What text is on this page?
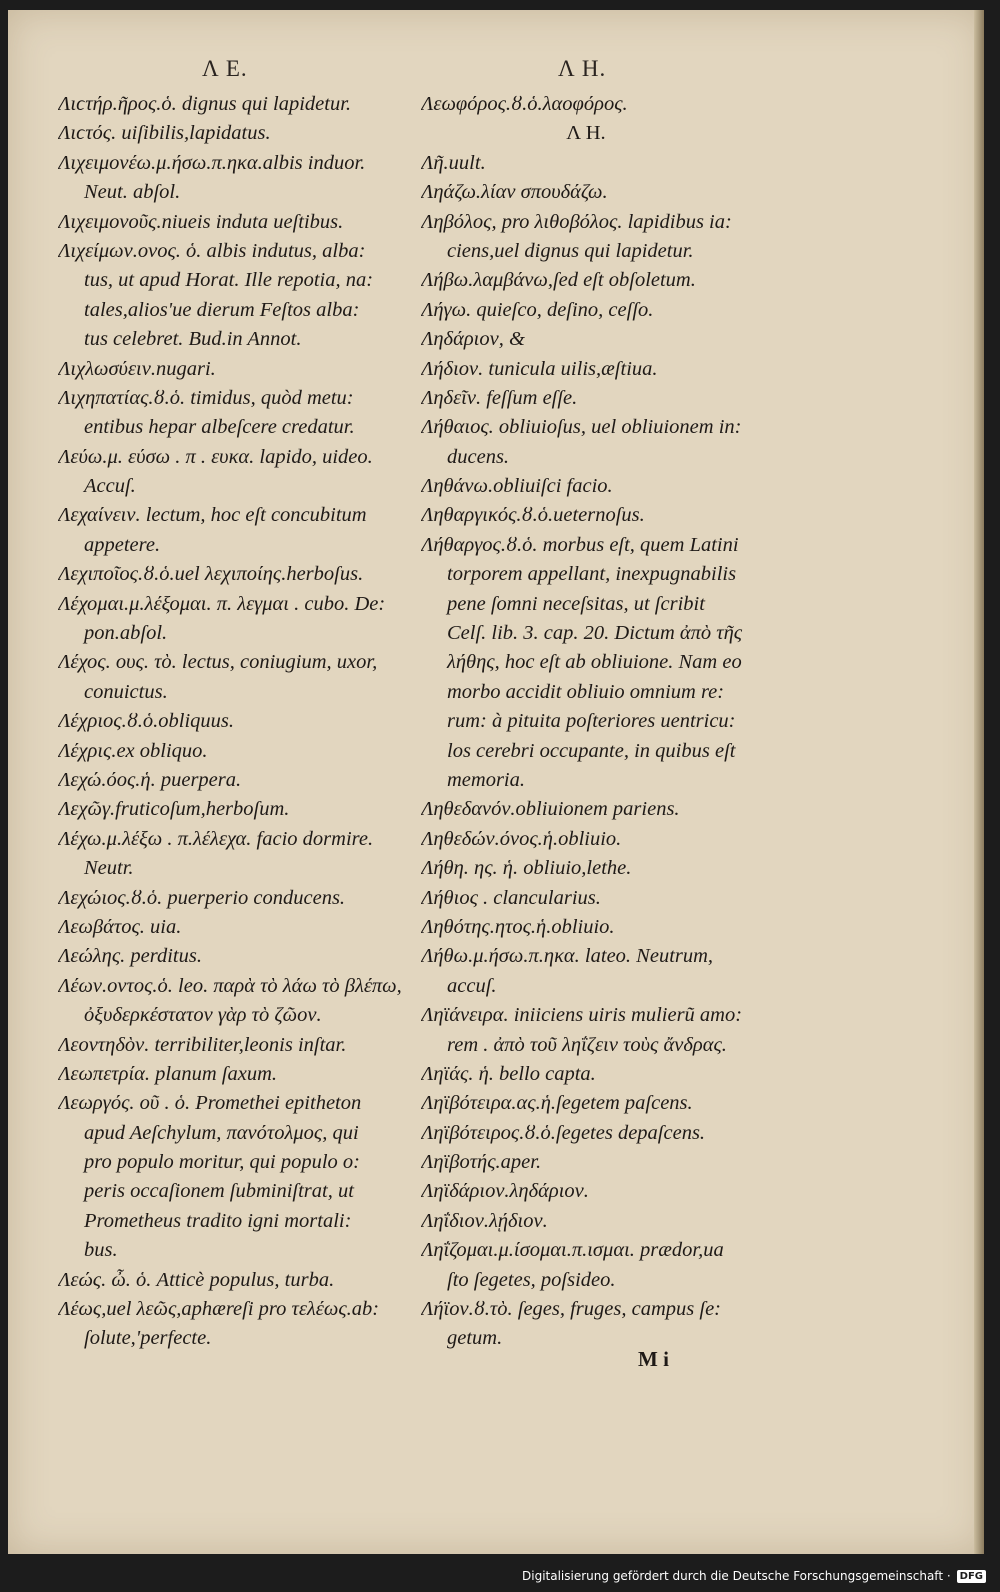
Λ E.	Λ H.
Λιϲτήρ.ῆρος.ὁ. dignus qui lapidetur.
Λιϲτός. uiſibilis,lapidatus.
Λιχειμονέω.μ.ήσω.π.ηκα.albis induor.
Neut. abſol.
Λιχειμονοῦς.niueis induta ueſtibus.
Λιχείμων.ονος. ὁ. albis indutus, alba:
tus, ut apud Horat. Ille repotia, na:
tales,alios'ue dierum Feſtos alba:
tus celebret. Bud.in Annot.
Λιχλωσύειν.nugari.
Λιχηπατίας.ȣ.ὁ. timidus, quòd metu:
entibus hepar albeſcere credatur.
Λεύω.μ. εύσω . π . ευκα. lapido, uideo.
Accuſ.
Λεχαίνειν. lectum, hoc eſt concubitum
appetere.
Λεχιποῖος.ȣ.ὁ.uel λεχιποίης.herboſus.
Λέχομαι.μ.λέξομαι. π. λεγμαι . cubo. De:
pon.abſol.
Λέχος. ους. τὸ. lectus, coniugium, uxor,
conuictus.
Λέχριος.ȣ.ὁ.obliquus.
Λέχρις.ex obliquo.
Λεχώ.όος.ἡ. puerpera.
Λεχῶγ.fruticoſum,herboſum.
Λέχω.μ.λέξω . π.λέλεχα. facio dormire.
Neutr.
Λεχώιος.ȣ.ὁ. puerperio conducens.
Λεωβάτος. uia.
Λεώλης. perditus.
Λέων.οντος.ὁ. leo. παρὰ τὸ λάω τὸ βλέπω,
ὀξυδερκέστατον γὰρ τὸ ζῶον.
Λεοντηδὸν. terribiliter,leonis inſtar.
Λεωπετρία. planum ſaxum.
Λεωργός. οῦ . ὁ. Promethei epitheton
apud Aeſchylum, πανότολμος, qui
pro populo moritur, qui populo o:
peris occaſionem ſubminiſtrat, ut
Prometheus tradito igni mortali:
bus.
Λεώς. ὦ. ὁ. Atticè populus, turba.
Λέως,uel λεῶς,aphæreſi pro τελέως.ab:
ſolute,'perfecte.
Λεωφόρος.ȣ.ὁ.λαοφόρος.
Λ H.
Λῆ.uult.
Ληάζω.λίαν σπουδάζω.
Ληβόλος, pro λιθοβόλος. lapidibus ia:
ciens,uel dignus qui lapidetur.
Λήβω.λαμβάνω,ſed eſt obſoletum.
Λήγω. quieſco, deſino, ceſſo.
Ληδάριον, &
Λήδιον. tunicula uilis,æſtiua.
Ληδεῖν. feſſum eſſe.
Λήθαιος. obliuioſus, uel obliuionem in:
ducens.
Ληθάνω.obliuiſci facio.
Ληθαργικός.ȣ.ὁ.ueternoſus.
Λήθαργος.ȣ.ὁ. morbus eſt, quem Latini
torporem appellant, inexpugnabilis
pene ſomni neceſsitas, ut ſcribit
Celſ. lib. 3. cap. 20. Dictum ἀπὸ τῆς
λήθης, hoc eſt ab obliuione. Nam eo
morbo accidit obliuio omnium re:
rum: à pituita poſteriores uentricu:
los cerebri occupante, in quibus eſt
memoria.
Ληθεδανόν.obliuionem pariens.
Ληθεδών.όνος.ἡ.obliuio.
Λήθη. ης. ἡ. obliuio,lethe.
Λήθιος . clancularius.
Ληθότης.ητος.ἡ.obliuio.
Λήθω.μ.ήσω.π.ηκα. lateo. Neutrum,
accuſ.
Ληϊάνειρα. iniiciens uiris mulierũ amo:
rem . ἀπὸ τοῦ ληΐζειν τοὺς ἄνδρας.
Ληϊάς. ἡ. bello capta.
Ληϊβότειρα.ας.ἡ.ſegetem paſcens.
Ληϊβότειρος.ȣ.ὁ.ſegetes depaſcens.
Ληϊβοτής.aper.
Ληϊδάριον.ληδάριον.
Ληΐδιον.λῄδιον.
Ληΐζομαι.μ.ίσομαι.π.ισμαι. prædor,ua
ſto ſegetes, poſsideo.
Λήϊον.ȣ.τὸ. ſeges, fruges, campus ſe:
getum.
M i
Digitalisierung gefördert durch die Deutsche Forschungsgemeinschaft · DFG
